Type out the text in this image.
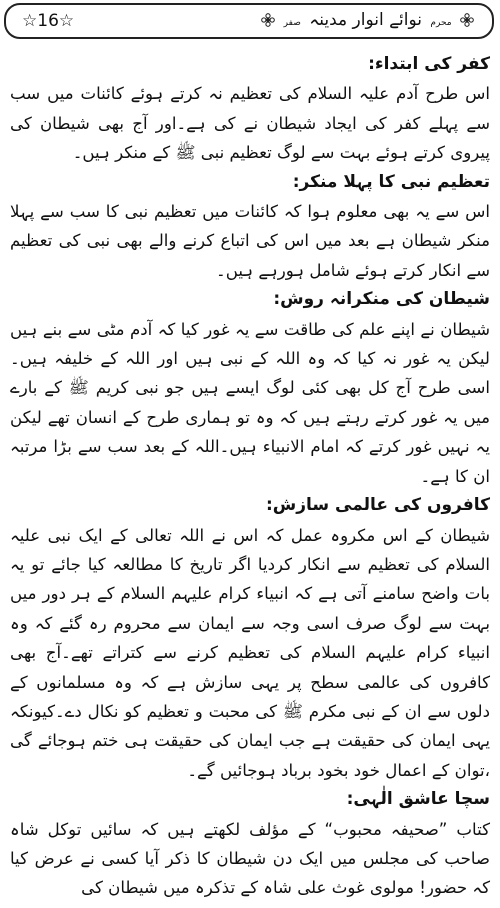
☆16☆	محرم نوائے انوار مدینہ صفر

کفر کی ابتداء:

اس طرح آدم علیہ السلام کی تعظیم نہ کرتے ہوئے کائنات میں سب سے پہلے کفر کی ایجاد شیطان نے کی ہے۔اور آج بھی شیطان کی پیروی کرتے ہوئے بہت سے لوگ تعظیم نبی ﷺ کے منکر ہیں۔

تعظیم نبی کا پہلا منکر:

اس سے یہ بھی معلوم ہوا کہ کائنات میں تعظیم نبی کا سب سے پہلا منکر شیطان ہے بعد میں اس کی اتباع کرنے والے بھی نبی کی تعظیم سے انکار کرتے ہوئے شامل ہورہے ہیں۔

شیطان کی منکرانہ روش:

شیطان نے اپنے علم کی طاقت سے یہ غور کیا کہ آدم مٹی سے بنے ہیں لیکن یہ غور نہ کیا کہ وہ اللہ کے نبی ہیں اور اللہ کے خلیفہ ہیں۔اسی طرح آج کل بھی کئی لوگ ایسے ہیں جو نبی کریم ﷺ کے بارے میں یہ غور کرتے رہتے ہیں کہ وہ تو ہماری طرح کے انسان تھے لیکن یہ نہیں غور کرتے کہ امام الانبیاء ہیں۔اللہ کے بعد سب سے بڑا مرتبہ ان کا ہے۔

کافروں کی عالمی سازش:

شیطان کے اس مکروہ عمل کہ اس نے اللہ تعالی کے ایک نبی علیہ السلام کی تعظیم سے انکار کردیا اگر تاریخ کا مطالعہ کیا جائے تو یہ بات واضح سامنے آتی ہے کہ انبیاء کرام علیہم السلام کے ہر دور میں بہت سے لوگ صرف اسی وجہ سے ایمان سے محروم رہ گئے کہ وہ انبیاء کرام علیہم السلام کی تعظیم کرنے سے کتراتے تھے۔آج بھی کافروں کی عالمی سطح پر یہی سازش ہے کہ وہ مسلمانوں کے دلوں سے ان کے نبی مکرم ﷺ کی محبت و تعظیم کو نکال دے۔کیونکہ یہی ایمان کی حقیقت ہے جب ایمان کی حقیقت ہی ختم ہوجائے گی ،توان کے اعمال خود بخود برباد ہوجائیں گے۔

سچا عاشق الٰہی:

کتاب ”صحیفہ محبوب“ کے مؤلف لکھتے ہیں کہ سائیں توکل شاہ صاحب کی مجلس میں ایک دن شیطان کا ذکر آیا کسی نے عرض کیا کہ حضور! مولوی غوث علی شاہ کے تذکرہ میں شیطان کی
